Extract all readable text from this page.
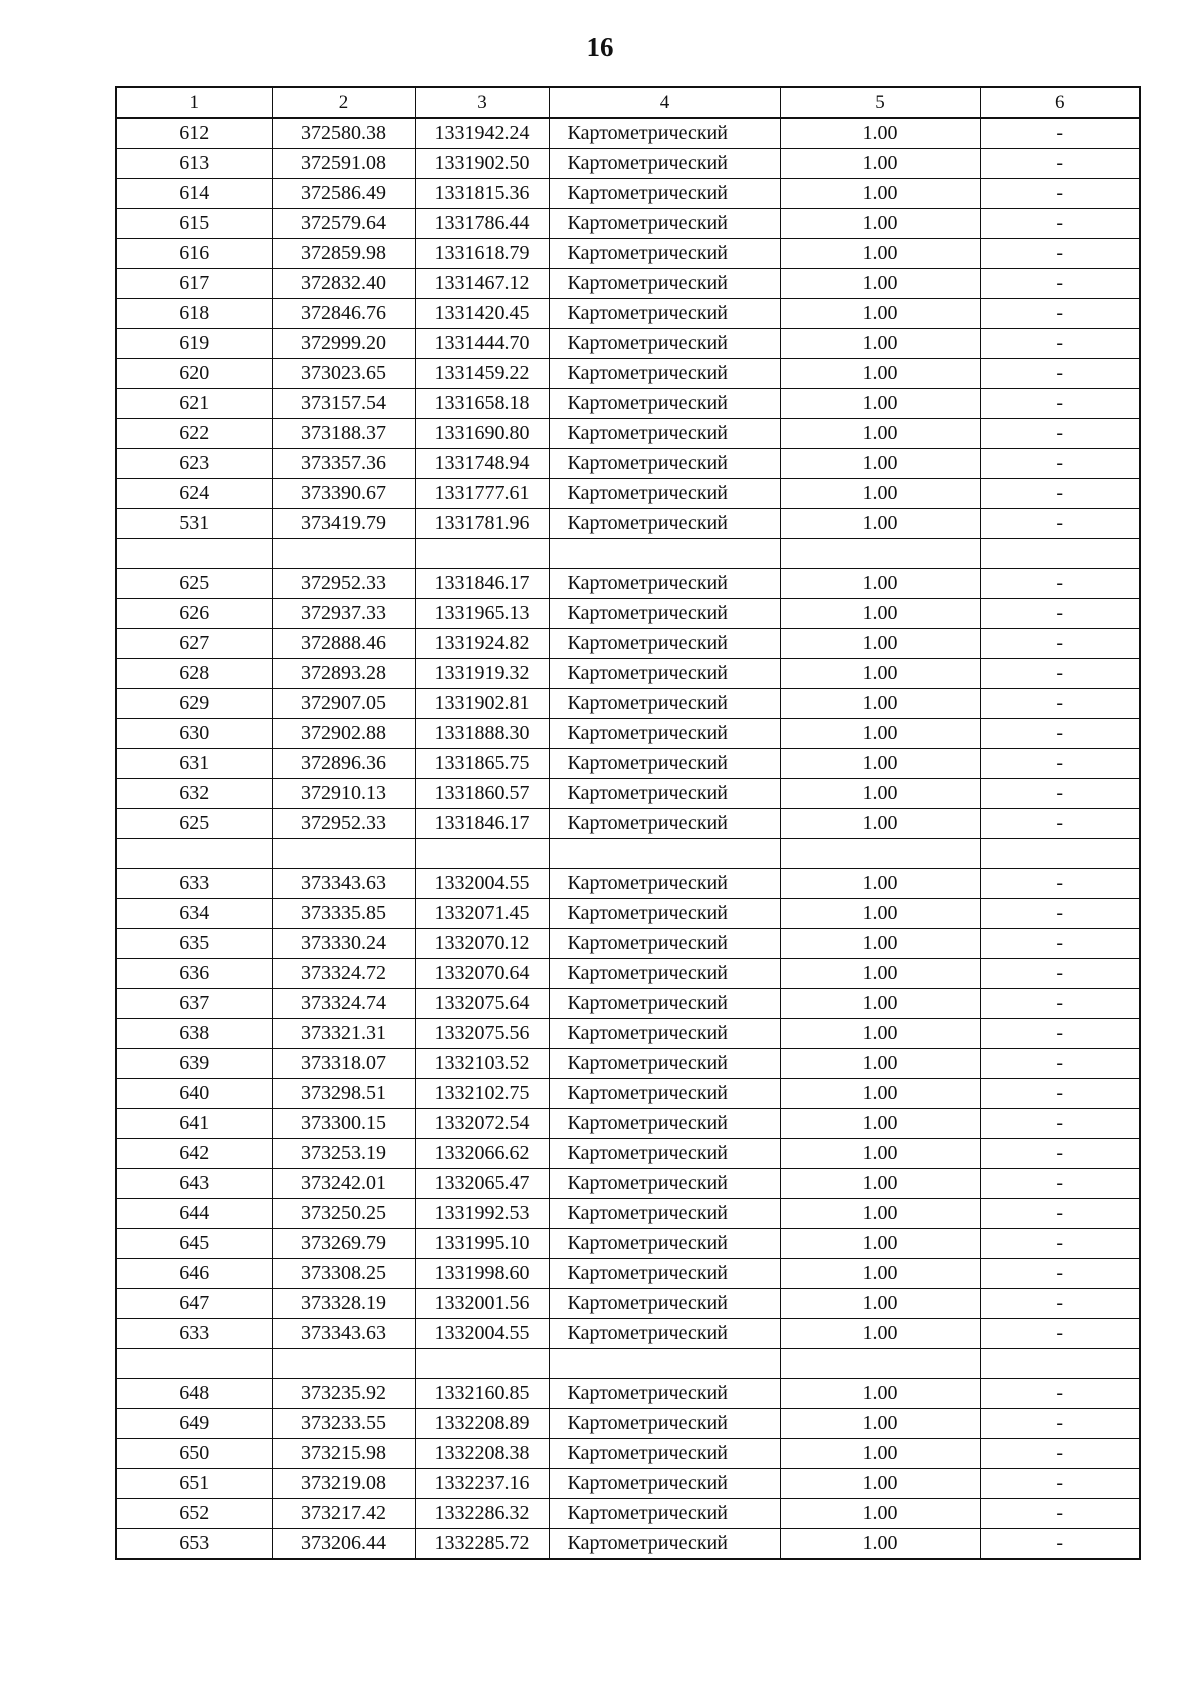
16
1	2	3	4	5	6
612	372580.38	1331942.24	Картометрический	1.00	-
613	372591.08	1331902.50	Картометрический	1.00	-
614	372586.49	1331815.36	Картометрический	1.00	-
615	372579.64	1331786.44	Картометрический	1.00	-
616	372859.98	1331618.79	Картометрический	1.00	-
617	372832.40	1331467.12	Картометрический	1.00	-
618	372846.76	1331420.45	Картометрический	1.00	-
619	372999.20	1331444.70	Картометрический	1.00	-
620	373023.65	1331459.22	Картометрический	1.00	-
621	373157.54	1331658.18	Картометрический	1.00	-
622	373188.37	1331690.80	Картометрический	1.00	-
623	373357.36	1331748.94	Картометрический	1.00	-
624	373390.67	1331777.61	Картометрический	1.00	-
531	373419.79	1331781.96	Картометрический	1.00	-

625	372952.33	1331846.17	Картометрический	1.00	-
626	372937.33	1331965.13	Картометрический	1.00	-
627	372888.46	1331924.82	Картометрический	1.00	-
628	372893.28	1331919.32	Картометрический	1.00	-
629	372907.05	1331902.81	Картометрический	1.00	-
630	372902.88	1331888.30	Картометрический	1.00	-
631	372896.36	1331865.75	Картометрический	1.00	-
632	372910.13	1331860.57	Картометрический	1.00	-
625	372952.33	1331846.17	Картометрический	1.00	-

633	373343.63	1332004.55	Картометрический	1.00	-
634	373335.85	1332071.45	Картометрический	1.00	-
635	373330.24	1332070.12	Картометрический	1.00	-
636	373324.72	1332070.64	Картометрический	1.00	-
637	373324.74	1332075.64	Картометрический	1.00	-
638	373321.31	1332075.56	Картометрический	1.00	-
639	373318.07	1332103.52	Картометрический	1.00	-
640	373298.51	1332102.75	Картометрический	1.00	-
641	373300.15	1332072.54	Картометрический	1.00	-
642	373253.19	1332066.62	Картометрический	1.00	-
643	373242.01	1332065.47	Картометрический	1.00	-
644	373250.25	1331992.53	Картометрический	1.00	-
645	373269.79	1331995.10	Картометрический	1.00	-
646	373308.25	1331998.60	Картометрический	1.00	-
647	373328.19	1332001.56	Картометрический	1.00	-
633	373343.63	1332004.55	Картометрический	1.00	-

648	373235.92	1332160.85	Картометрический	1.00	-
649	373233.55	1332208.89	Картометрический	1.00	-
650	373215.98	1332208.38	Картометрический	1.00	-
651	373219.08	1332237.16	Картометрический	1.00	-
652	373217.42	1332286.32	Картометрический	1.00	-
653	373206.44	1332285.72	Картометрический	1.00	-
